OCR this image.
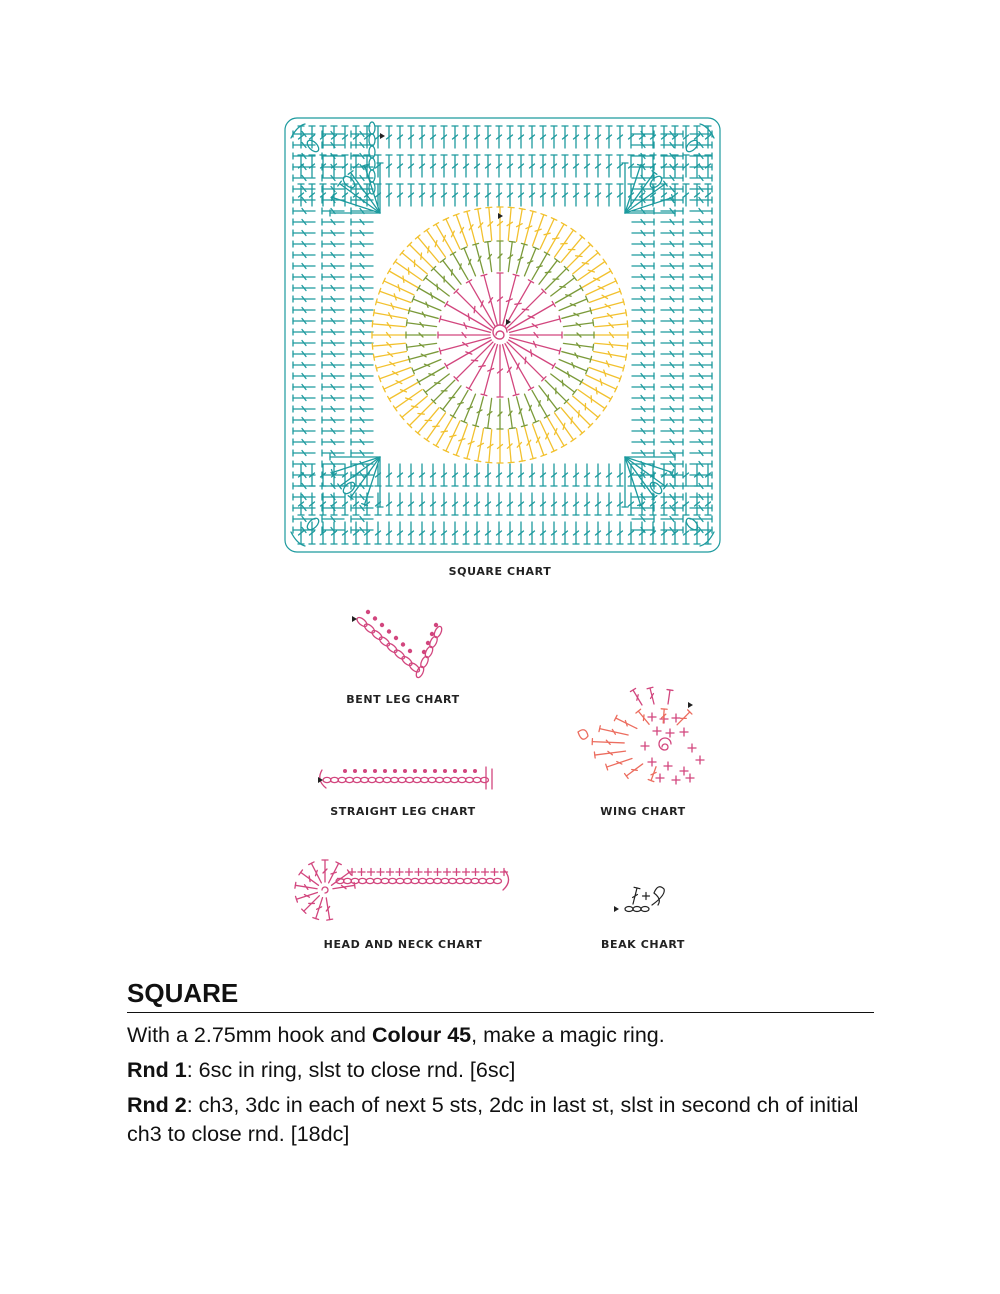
SQUARE CHART
BENT LEG CHART
STRAIGHT LEG CHART	WING CHART
HEAD AND NECK CHART	BEAK CHART
SQUARE

With a 2.75mm hook and Colour 45, make a magic ring.

Rnd 1: 6sc in ring, slst to close rnd. [6sc]

Rnd 2: ch3, 3dc in each of next 5 sts, 2dc in last st, slst in second ch of initial ch3 to close rnd. [18dc]
